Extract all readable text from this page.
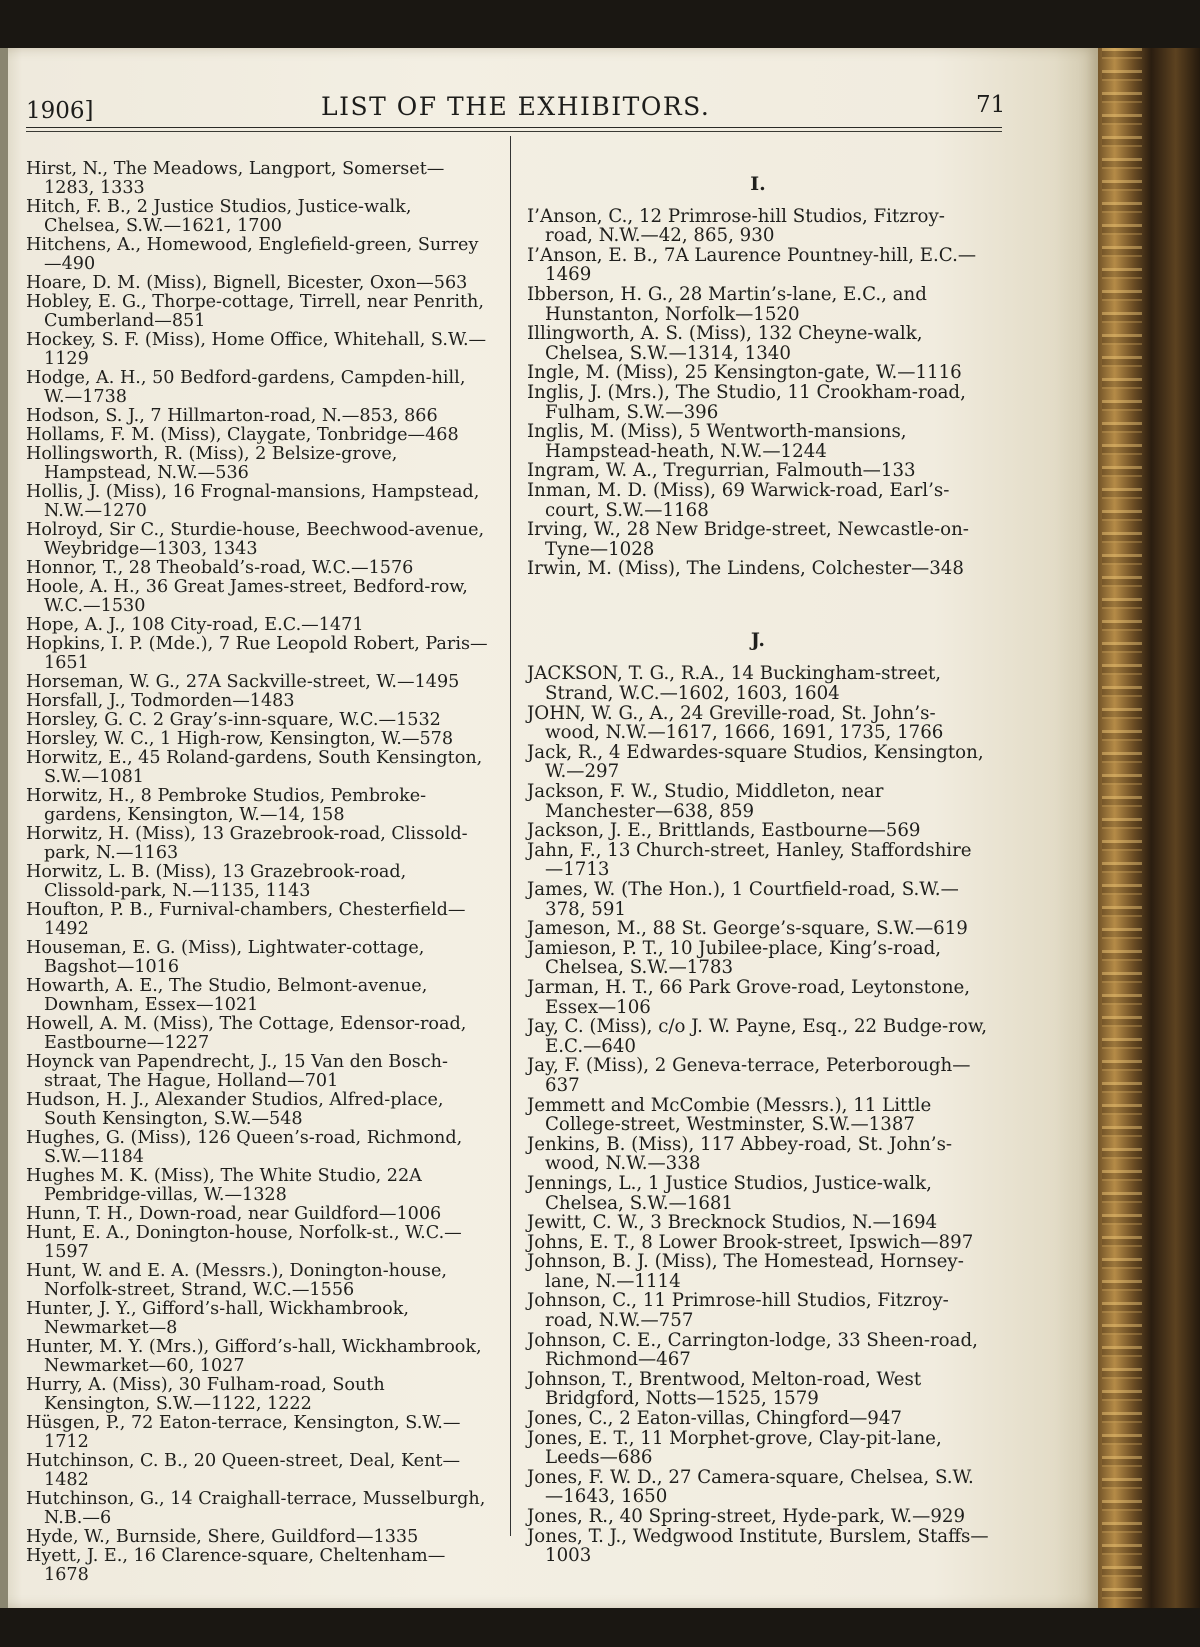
1906]	LIST OF THE EXHIBITORS.	71

Hirst, N., The Meadows, Langport, Somerset—1283, 1333

Hitch, F. B., 2 Justice Studios, Justice-walk, Chelsea, S.W.—1621, 1700

Hitchens, A., Homewood, Englefield-green, Surrey—490

Hoare, D. M. (Miss), Bignell, Bicester, Oxon—563

Hobley, E. G., Thorpe-cottage, Tirrell, near Penrith, Cumberland—851

Hockey, S. F. (Miss), Home Office, Whitehall, S.W.—1129

Hodge, A. H., 50 Bedford-gardens, Campden-hill, W.—1738

Hodson, S. J., 7 Hillmarton-road, N.—853, 866

Hollams, F. M. (Miss), Claygate, Tonbridge—468

Hollingsworth, R. (Miss), 2 Belsize-grove, Hampstead, N.W.—536

Hollis, J. (Miss), 16 Frognal-mansions, Hampstead, N.W.—1270

Holroyd, Sir C., Sturdie-house, Beechwood-avenue, Weybridge—1303, 1343

Honnor, T., 28 Theobald’s-road, W.C.—1576

Hoole, A. H., 36 Great James-street, Bedford-row, W.C.—1530

Hope, A. J., 108 City-road, E.C.—1471

Hopkins, I. P. (Mde.), 7 Rue Leopold Robert, Paris—1651

Horseman, W. G., 27A Sackville-street, W.—1495

Horsfall, J., Todmorden—1483

Horsley, G. C. 2 Gray’s-inn-square, W.C.—1532

Horsley, W. C., 1 High-row, Kensington, W.—578

Horwitz, E., 45 Roland-gardens, South Kensington, S.W.—1081

Horwitz, H., 8 Pembroke Studios, Pembroke-gardens, Kensington, W.—14, 158

Horwitz, H. (Miss), 13 Grazebrook-road, Clissold-park, N.—1163

Horwitz, L. B. (Miss), 13 Grazebrook-road, Clissold-park, N.—1135, 1143

Houfton, P. B., Furnival-chambers, Chesterfield—1492

Houseman, E. G. (Miss), Lightwater-cottage, Bagshot—1016

Howarth, A. E., The Studio, Belmont-avenue, Downham, Essex—1021

Howell, A. M. (Miss), The Cottage, Edensor-road, Eastbourne—1227

Hoynck van Papendrecht, J., 15 Van den Bosch-straat, The Hague, Holland—701

Hudson, H. J., Alexander Studios, Alfred-place, South Kensington, S.W.—548

Hughes, G. (Miss), 126 Queen’s-road, Richmond, S.W.—1184

Hughes M. K. (Miss), The White Studio, 22A Pembridge-villas, W.—1328

Hunn, T. H., Down-road, near Guildford—1006

Hunt, E. A., Donington-house, Norfolk-st., W.C.—1597

Hunt, W. and E. A. (Messrs.), Donington-house, Norfolk-street, Strand, W.C.—1556

Hunter, J. Y., Gifford’s-hall, Wickhambrook, Newmarket—8

Hunter, M. Y. (Mrs.), Gifford’s-hall, Wickhambrook, Newmarket—60, 1027

Hurry, A. (Miss), 30 Fulham-road, South Kensington, S.W.—1122, 1222

Hüsgen, P., 72 Eaton-terrace, Kensington, S.W.—1712

Hutchinson, C. B., 20 Queen-street, Deal, Kent—1482

Hutchinson, G., 14 Craighall-terrace, Musselburgh, N.B.—6

Hyde, W., Burnside, Shere, Guildford—1335

Hyett, J. E., 16 Clarence-square, Cheltenham—1678

I.

I’Anson, C., 12 Primrose-hill Studios, Fitzroy-road, N.W.—42, 865, 930

I’Anson, E. B., 7A Laurence Pountney-hill, E.C.—1469

Ibberson, H. G., 28 Martin’s-lane, E.C., and Hunstanton, Norfolk—1520

Illingworth, A. S. (Miss), 132 Cheyne-walk, Chelsea, S.W.—1314, 1340

Ingle, M. (Miss), 25 Kensington-gate, W.—1116

Inglis, J. (Mrs.), The Studio, 11 Crookham-road, Fulham, S.W.—396

Inglis, M. (Miss), 5 Wentworth-mansions, Hampstead-heath, N.W.—1244

Ingram, W. A., Tregurrian, Falmouth—133

Inman, M. D. (Miss), 69 Warwick-road, Earl’s-court, S.W.—1168

Irving, W., 28 New Bridge-street, Newcastle-on-Tyne—1028

Irwin, M. (Miss), The Lindens, Colchester—348

J.

JACKSON, T. G., R.A., 14 Buckingham-street, Strand, W.C.—1602, 1603, 1604

JOHN, W. G., A., 24 Greville-road, St. John’s-wood, N.W.—1617, 1666, 1691, 1735, 1766

Jack, R., 4 Edwardes-square Studios, Kensington, W.—297

Jackson, F. W., Studio, Middleton, near Manchester—638, 859

Jackson, J. E., Brittlands, Eastbourne—569

Jahn, F., 13 Church-street, Hanley, Staffordshire—1713

James, W. (The Hon.), 1 Courtfield-road, S.W.—378, 591

Jameson, M., 88 St. George’s-square, S.W.—619

Jamieson, P. T., 10 Jubilee-place, King’s-road, Chelsea, S.W.—1783

Jarman, H. T., 66 Park Grove-road, Leytonstone, Essex—106

Jay, C. (Miss), c/o J. W. Payne, Esq., 22 Budge-row, E.C.—640

Jay, F. (Miss), 2 Geneva-terrace, Peterborough—637

Jemmett and McCombie (Messrs.), 11 Little College-street, Westminster, S.W.—1387

Jenkins, B. (Miss), 117 Abbey-road, St. John’s-wood, N.W.—338

Jennings, L., 1 Justice Studios, Justice-walk, Chelsea, S.W.—1681

Jewitt, C. W., 3 Brecknock Studios, N.—1694

Johns, E. T., 8 Lower Brook-street, Ipswich—897

Johnson, B. J. (Miss), The Homestead, Hornsey-lane, N.—1114

Johnson, C., 11 Primrose-hill Studios, Fitzroy-road, N.W.—757

Johnson, C. E., Carrington-lodge, 33 Sheen-road, Richmond—467

Johnson, T., Brentwood, Melton-road, West Bridgford, Notts—1525, 1579

Jones, C., 2 Eaton-villas, Chingford—947

Jones, E. T., 11 Morphet-grove, Clay-pit-lane, Leeds—686

Jones, F. W. D., 27 Camera-square, Chelsea, S.W.—1643, 1650

Jones, R., 40 Spring-street, Hyde-park, W.—929

Jones, T. J., Wedgwood Institute, Burslem, Staffs—1003
